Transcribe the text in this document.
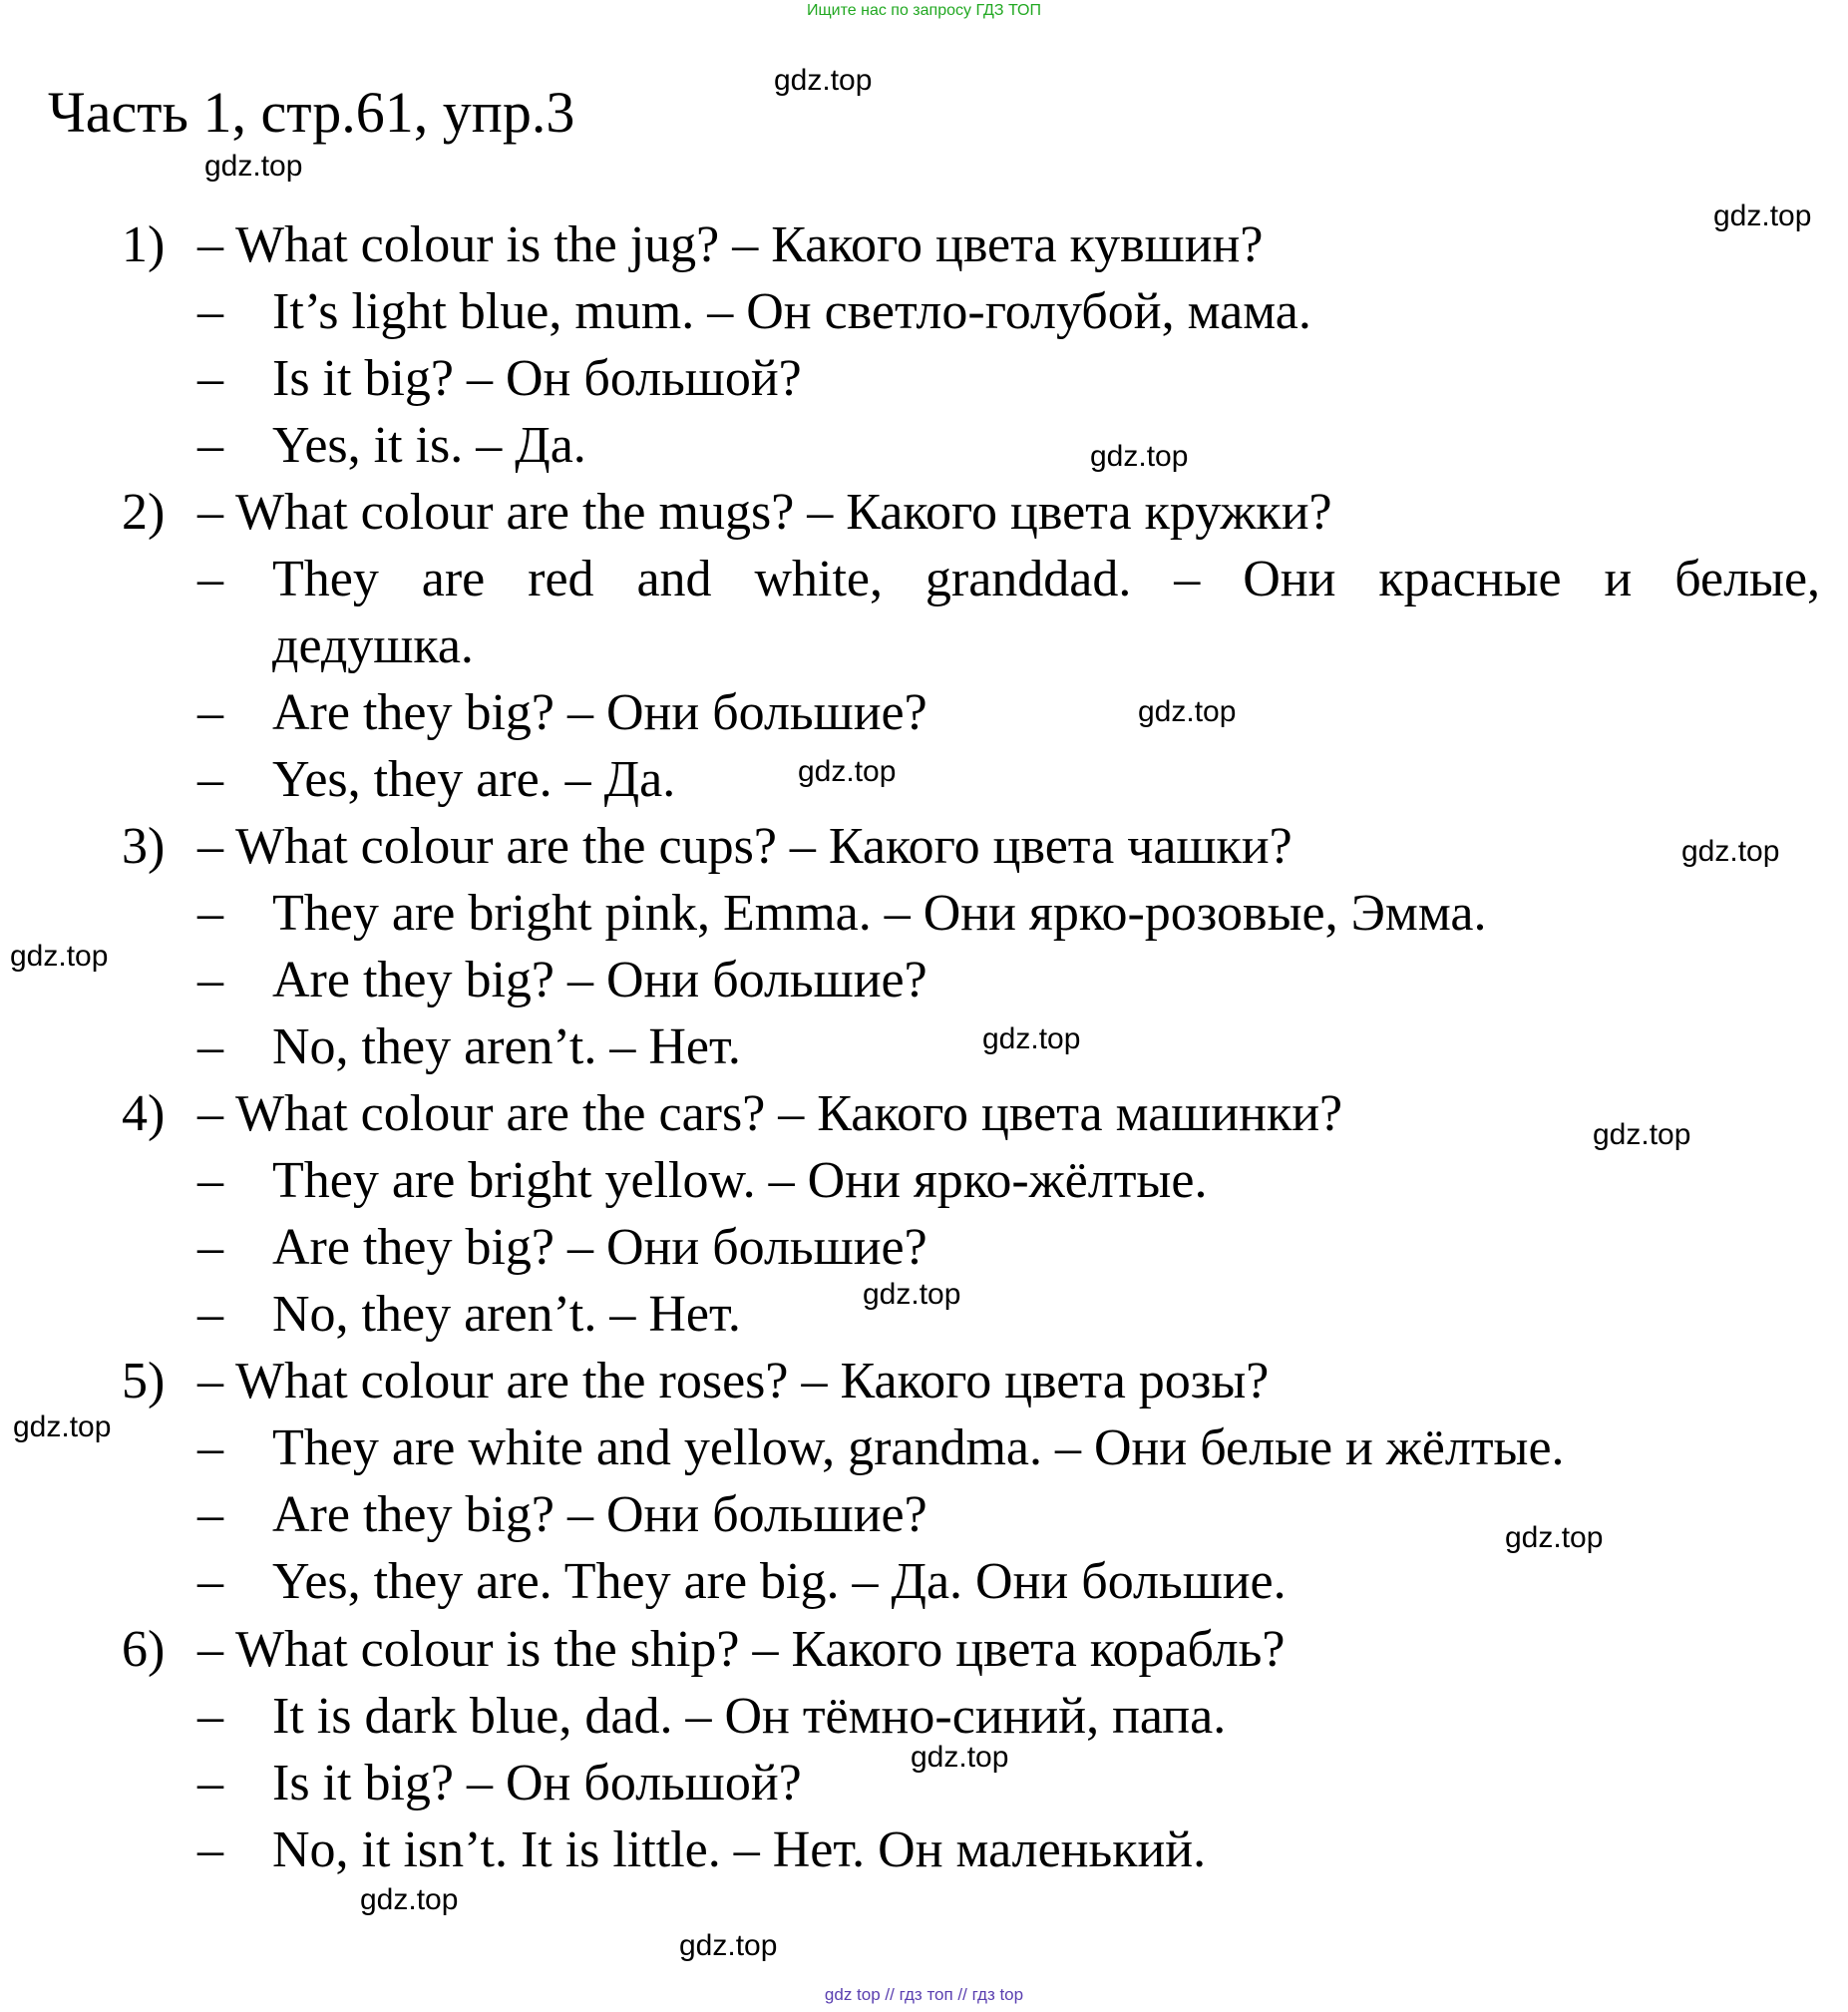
Ищите нас по запросу ГДЗ ТОП
Часть 1, стр.61, упр.3	gdz.top
gdz.top
gdz.top
gdz.top
gdz.top
gdz.top
gdz.top
gdz.top
gdz.top
gdz.top
gdz.top
gdz.top
gdz.top
gdz.top
gdz.top
gdz.top
1) – What colour is the jug? – Какого цвета кувшин?
– It’s light blue, mum. – Он светло-голубой, мама.
– Is it big? – Он большой?
– Yes, it is. – Да.
2) – What colour are the mugs? – Какого цвета кружки?
– They are red and white, granddad. – Они красные и белые,
дедушка.
– Are they big? – Они большие?
– Yes, they are. – Да.
3) – What colour are the cups? – Какого цвета чашки?
– They are bright pink, Emma. – Они ярко-розовые, Эмма.
– Are they big? – Они большие?
– No, they aren’t. – Нет.
4) – What colour are the cars? – Какого цвета машинки?
– They are bright yellow. – Они ярко-жёлтые.
– Are they big? – Они большие?
– No, they aren’t. – Нет.
5) – What colour are the roses? – Какого цвета розы?
– They are white and yellow, grandma. – Они белые и жёлтые.
– Are they big? – Они большие?
– Yes, they are. They are big. – Да. Они большие.
6) – What colour is the ship? – Какого цвета корабль?
– It is dark blue, dad. – Он тёмно-синий, папа.
– Is it big? – Он большой?
– No, it isn’t. It is little. – Нет. Он маленький.
gdz top // гдз топ // гдз top
